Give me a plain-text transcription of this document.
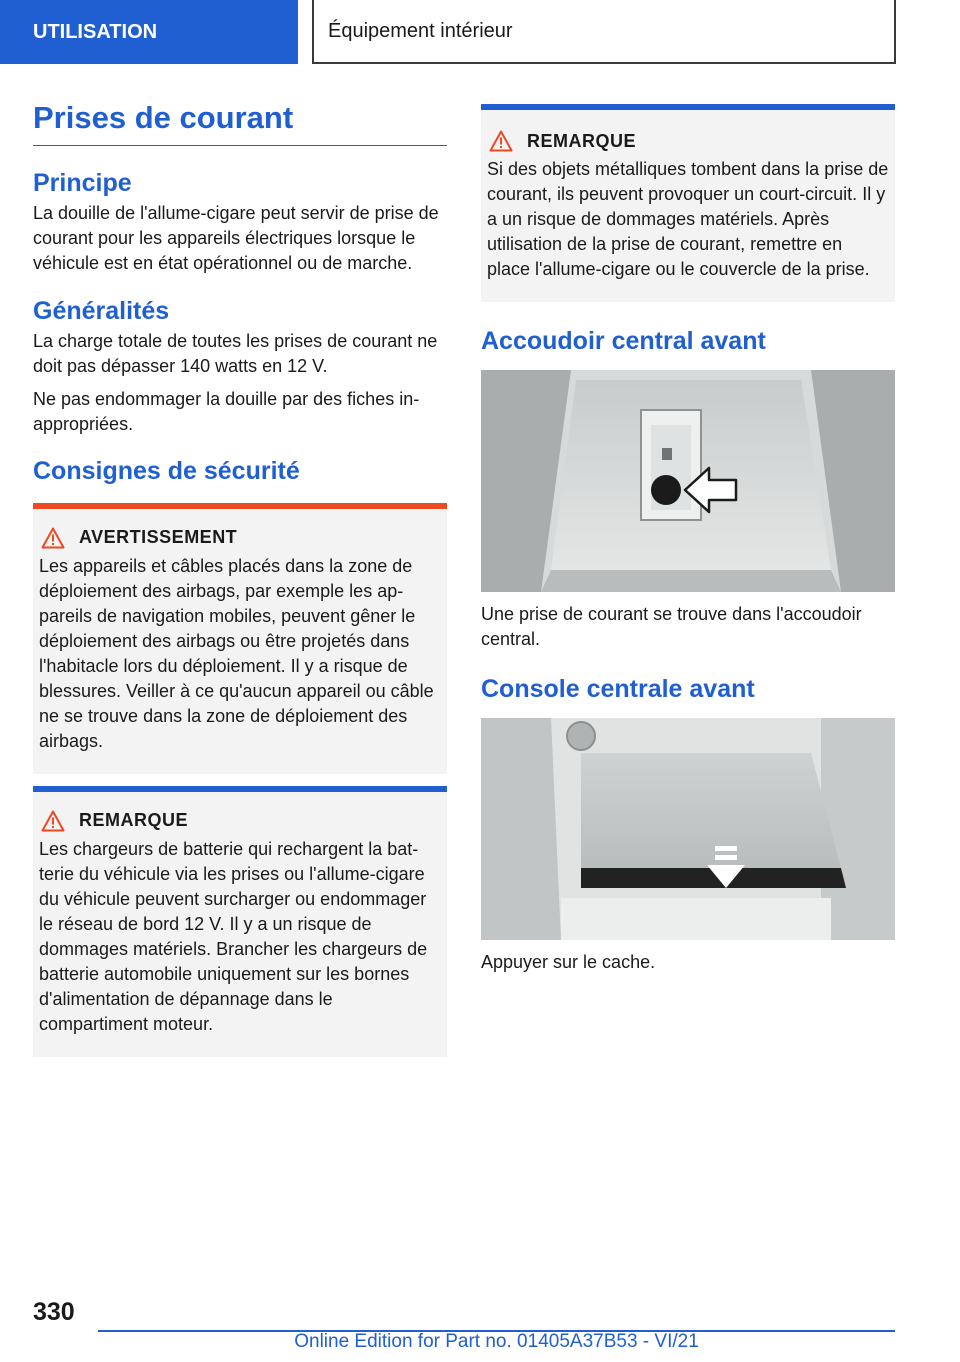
UTILISATION	Équipement intérieur
Prises de courant
Principe

La douille de l'allume-cigare peut servir de prise de courant pour les appareils électriques lorsque le véhicule est en état opérationnel ou de marche.

Généralités

La charge totale de toutes les prises de courant ne doit pas dépasser 140 watts en 12 V.

Ne pas endommager la douille par des fiches inappropriées.

Consignes de sécurité
AVERTISSEMENT

Les appareils et câbles placés dans la zone de déploiement des airbags, par exemple les appareils de navigation mobiles, peuvent gêner le déploiement des airbags ou être projetés dans l'habitacle lors du déploiement. Il y a risque de blessures. Veiller à ce qu'aucun appareil ou câble ne se trouve dans la zone de déploiement des airbags.

REMARQUE

Les chargeurs de batterie qui rechargent la batterie du véhicule via les prises ou l'allume-cigare du véhicule peuvent surcharger ou endommager le réseau de bord 12 V. Il y a un risque de dommages matériels. Brancher les chargeurs de batterie automobile uniquement sur les bornes d'alimentation de dépannage dans le compartiment moteur.

REMARQUE

Si des objets métalliques tombent dans la prise de courant, ils peuvent provoquer un court-circuit. Il y a un risque de dommages matériels. Après utilisation de la prise de courant, remettre en place l'allume-cigare ou le couvercle de la prise.

Accoudoir central avant

Une prise de courant se trouve dans l'accoudoir central.

Console centrale avant

Appuyer sur le cache.

330
Online Edition for Part no. 01405A37B53 - VI/21
